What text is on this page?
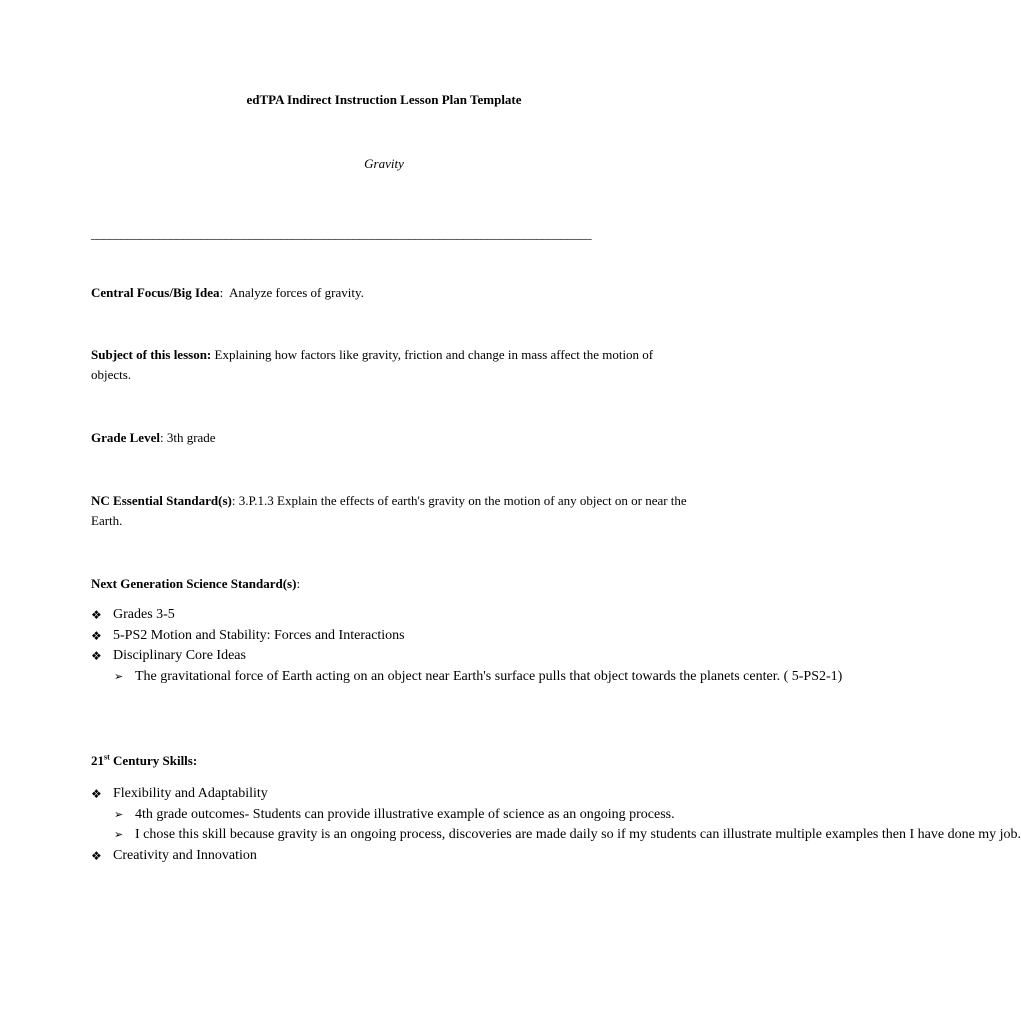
edTPA Indirect Instruction Lesson Plan Template
Gravity
__________________________________________________________________________________
Central Focus/Big Idea:  Analyze forces of gravity.
Subject of this lesson: Explaining how factors like gravity, friction and change in mass affect the motion of objects.
Grade Level: 3th grade
NC Essential Standard(s): 3.P.1.3 Explain the effects of earth's gravity on the motion of any object on or near the Earth.
Next Generation Science Standard(s):
❖ Grades 3-5
❖ 5-PS2 Motion and Stability: Forces and Interactions
❖ Disciplinary Core Ideas
➢ The gravitational force of Earth acting on an object near Earth's surface pulls that object towards the planets center. ( 5-PS2-1)
21st Century Skills:
❖ Flexibility and Adaptability
➢ 4th grade outcomes- Students can provide illustrative example of science as an ongoing process.
➢ I chose this skill because gravity is an ongoing process, discoveries are made daily so if my students can illustrate multiple examples then I have done my job.
❖ Creativity and Innovation
